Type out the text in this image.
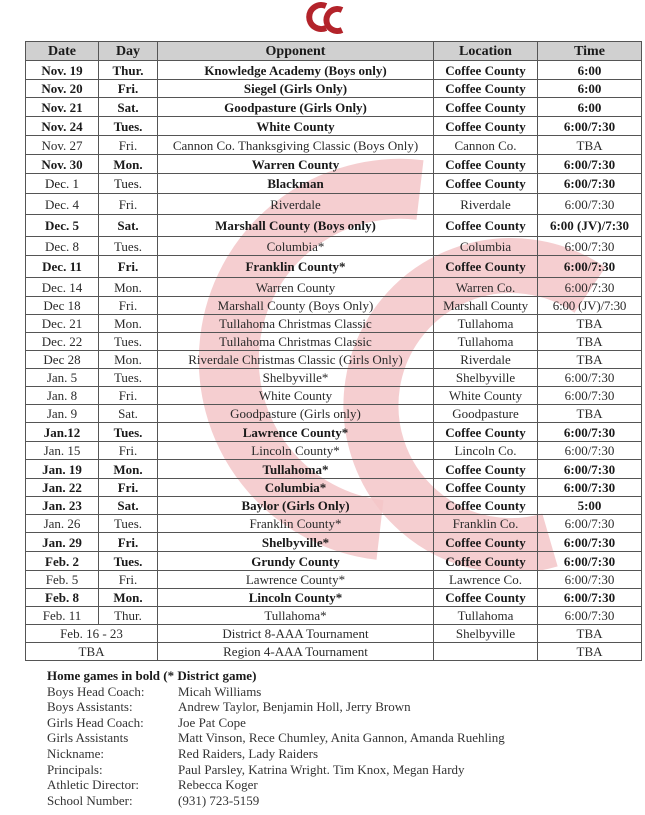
Date	Day	Opponent	Location	Time
Nov. 19	Thur.	Knowledge Academy (Boys only)	Coffee County	6:00
Nov. 20	Fri.	Siegel (Girls Only)	Coffee County	6:00
Nov. 21	Sat.	Goodpasture (Girls Only)	Coffee County	6:00
Nov. 24	Tues.	White County	Coffee County	6:00/7:30
Nov. 27	Fri.	Cannon Co. Thanksgiving Classic (Boys Only)	Cannon Co.	TBA
Nov. 30	Mon.	Warren County	Coffee County	6:00/7:30
Dec. 1	Tues.	Blackman	Coffee County	6:00/7:30
Dec. 4	Fri.	Riverdale	Riverdale	6:00/7:30
Dec. 5	Sat.	Marshall County (Boys only)	Coffee County	6:00 (JV)/7:30
Dec. 8	Tues.	Columbia*	Columbia	6:00/7:30
Dec. 11	Fri.	Franklin County*	Coffee County	6:00/7:30
Dec. 14	Mon.	Warren County	Warren Co.	6:00/7:30
Dec 18	Fri.	Marshall County (Boys Only)	Marshall County	6:00 (JV)/7:30
Dec. 21	Mon.	Tullahoma Christmas Classic	Tullahoma	TBA
Dec. 22	Tues.	Tullahoma Christmas Classic	Tullahoma	TBA
Dec 28	Mon.	Riverdale Christmas Classic (Girls Only)	Riverdale	TBA
Jan. 5	Tues.	Shelbyville*	Shelbyville	6:00/7:30
Jan. 8	Fri.	White County	White County	6:00/7:30
Jan. 9	Sat.	Goodpasture (Girls only)	Goodpasture	TBA
Jan.12	Tues.	Lawrence County*	Coffee County	6:00/7:30
Jan. 15	Fri.	Lincoln County*	Lincoln Co.	6:00/7:30
Jan. 19	Mon.	Tullahoma*	Coffee County	6:00/7:30
Jan. 22	Fri.	Columbia*	Coffee County	6:00/7:30
Jan. 23	Sat.	Baylor (Girls Only)	Coffee County	5:00
Jan. 26	Tues.	Franklin County*	Franklin Co.	6:00/7:30
Jan. 29	Fri.	Shelbyville*	Coffee County	6:00/7:30
Feb. 2	Tues.	Grundy County	Coffee County	6:00/7:30
Feb. 5	Fri.	Lawrence County*	Lawrence Co.	6:00/7:30
Feb. 8	Mon.	Lincoln County*	Coffee County	6:00/7:30
Feb. 11	Thur.	Tullahoma*	Tullahoma	6:00/7:30
Feb. 16 - 23		District 8-AAA Tournament	Shelbyville	TBA
TBA		Region 4-AAA Tournament		TBA
Home games in bold (* District game)
Boys Head Coach:	Micah Williams
Boys Assistants:	Andrew Taylor, Benjamin Holl, Jerry Brown
Girls Head Coach:	Joe Pat Cope
Girls Assistants	Matt Vinson, Rece Chumley, Anita Gannon, Amanda Ruehling
Nickname:	Red Raiders, Lady Raiders
Principals:	Paul Parsley, Katrina Wright. Tim Knox, Megan Hardy
Athletic Director:	Rebecca Koger
School Number:	(931) 723-5159
